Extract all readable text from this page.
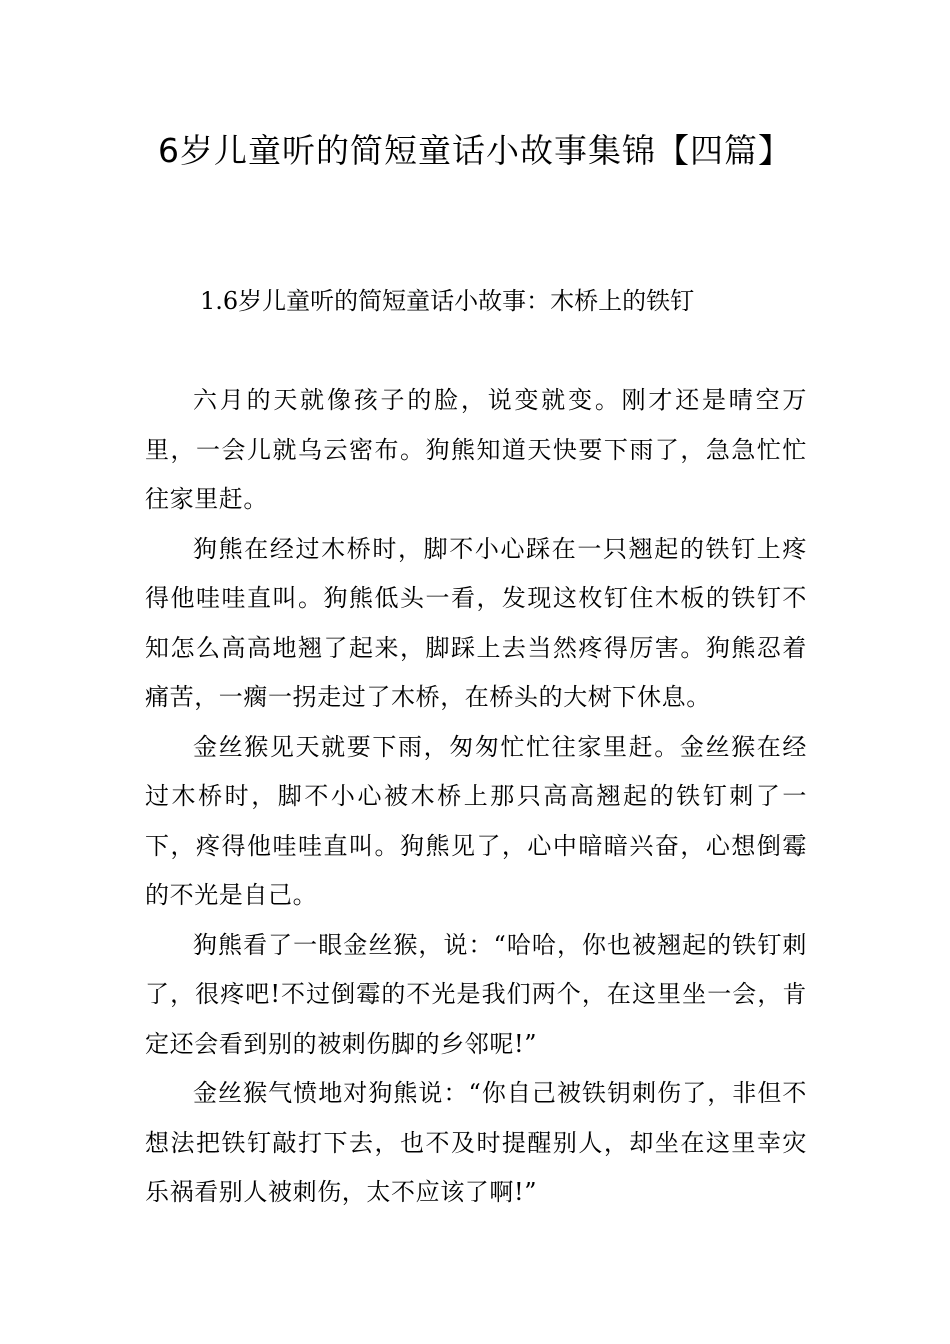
6岁儿童听的简短童话小故事集锦【四篇】

1.6岁儿童听的简短童话小故事：木桥上的铁钉

六月的天就像孩子的脸，说变就变。刚才还是晴空万里，一会儿就乌云密布。狗熊知道天快要下雨了，急急忙忙往家里赶。

狗熊在经过木桥时，脚不小心踩在一只翘起的铁钉上疼得他哇哇直叫。狗熊低头一看，发现这枚钉住木板的铁钉不知怎么高高地翘了起来，脚踩上去当然疼得厉害。狗熊忍着痛苦，一瘸一拐走过了木桥，在桥头的大树下休息。

金丝猴见天就要下雨，匆匆忙忙往家里赶。金丝猴在经过木桥时，脚不小心被木桥上那只高高翘起的铁钉刺了一下，疼得他哇哇直叫。狗熊见了，心中暗暗兴奋，心想倒霉的不光是自己。

狗熊看了一眼金丝猴，说：“哈哈，你也被翘起的铁钉刺了，很疼吧!不过倒霉的不光是我们两个，在这里坐一会，肯定还会看到别的被刺伤脚的乡邻呢!”

金丝猴气愤地对狗熊说：“你自己被铁钥刺伤了，非但不想法把铁钉敲打下去，也不及时提醒别人，却坐在这里幸灾乐祸看别人被刺伤，太不应该了啊!”
